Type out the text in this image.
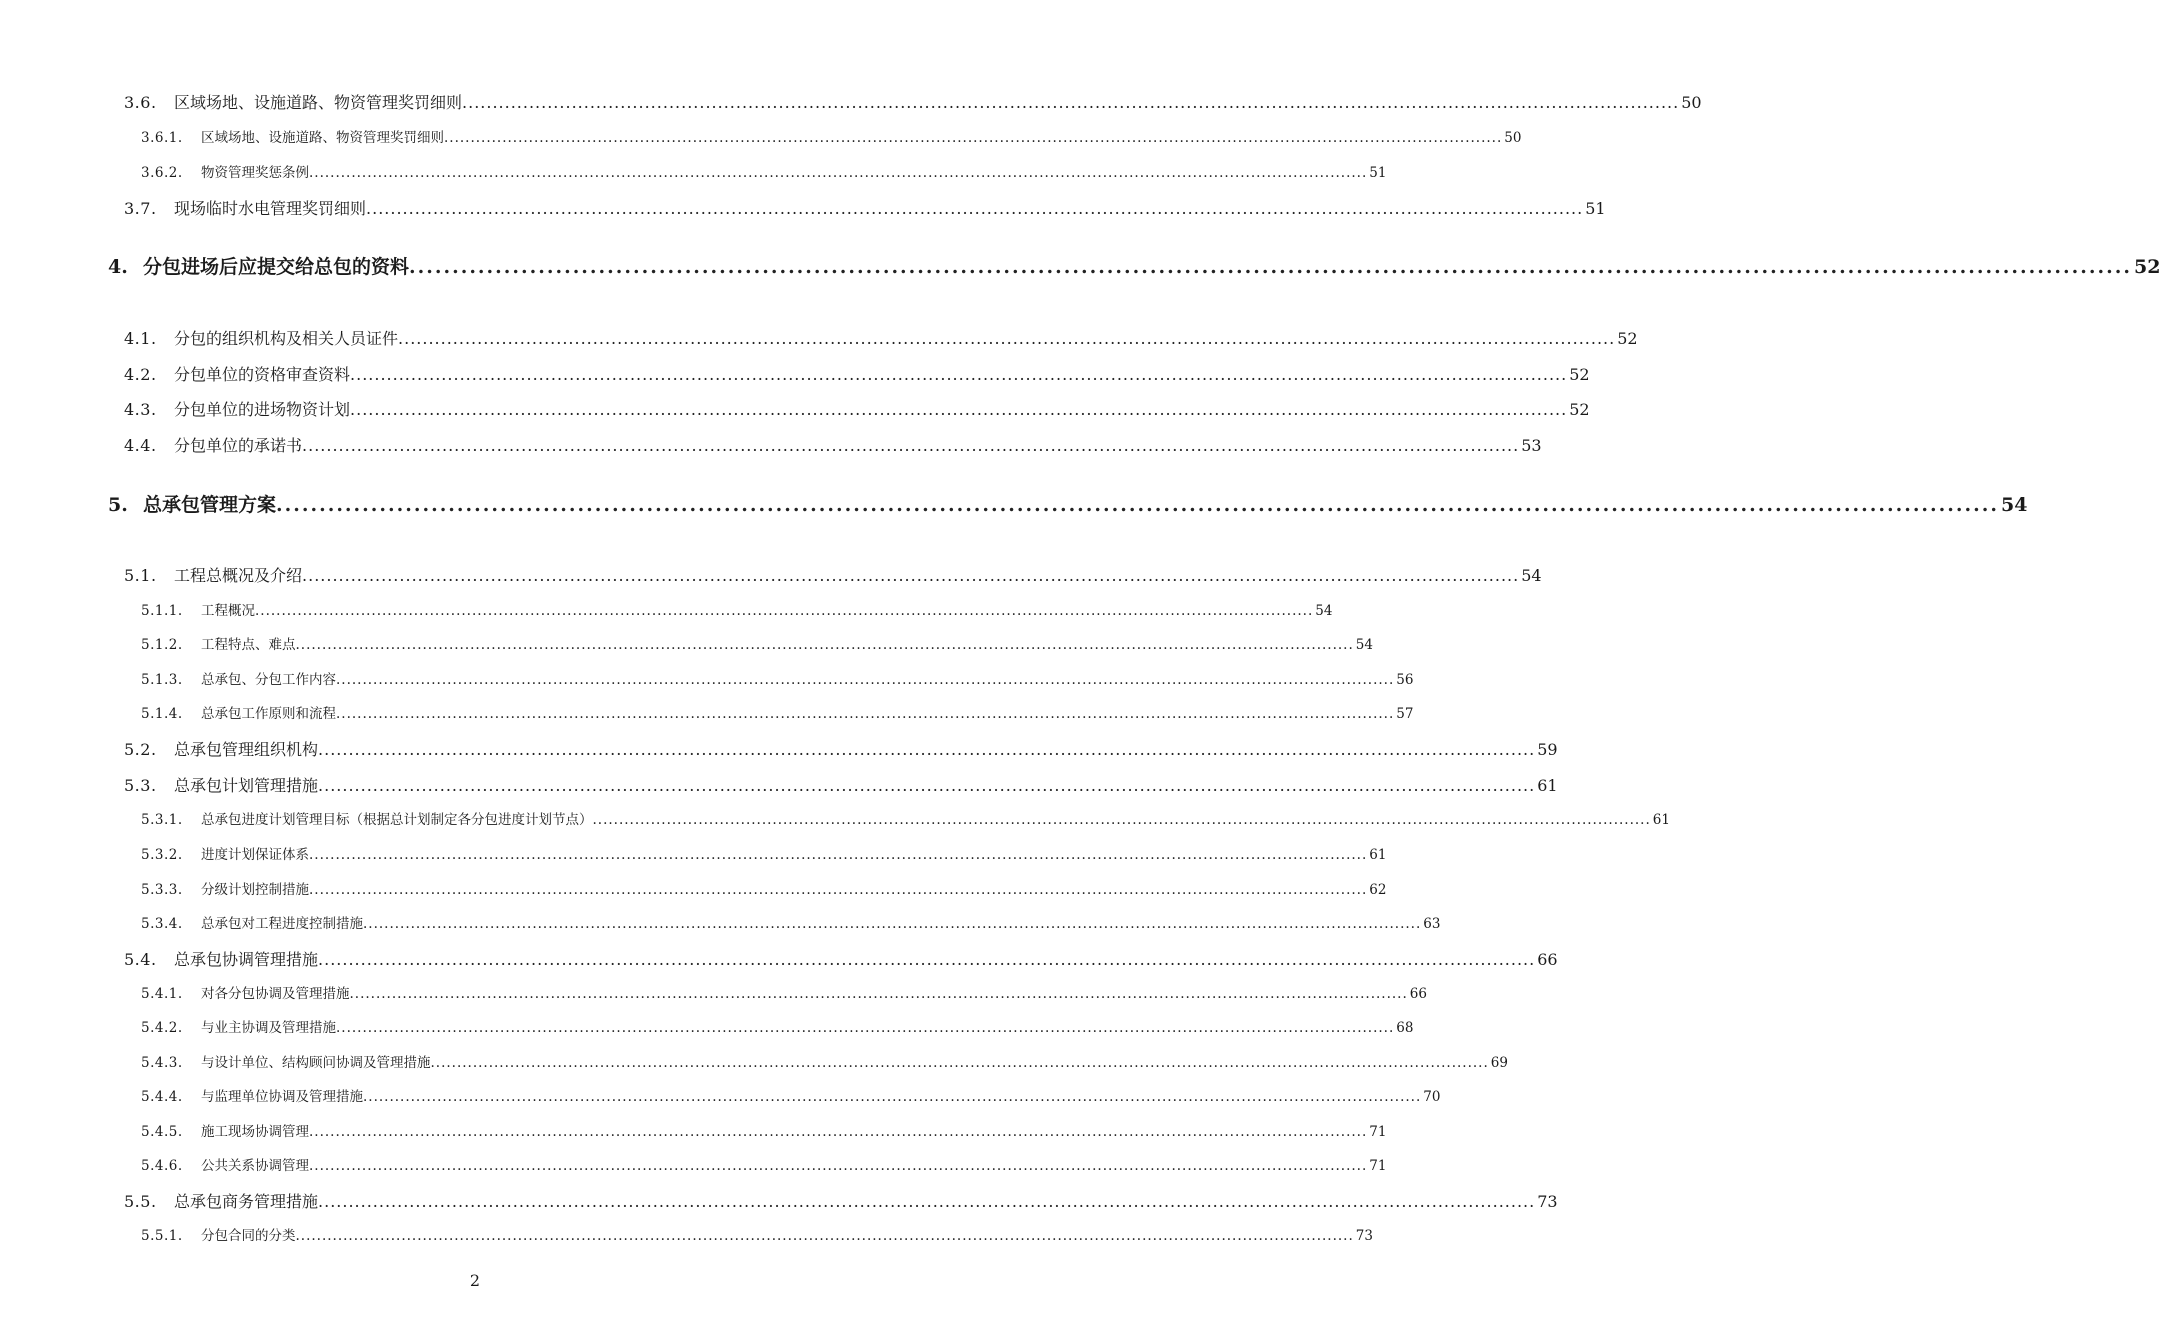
3.6.	区域场地、设施道路、物资管理奖罚细则 ........................................................................................................................................................................................................ 50
3.6.1.	区域场地、设施道路、物资管理奖罚细则 ........................................................................................................................................................................................................ 50
3.6.2.	物资管理奖惩条例 ........................................................................................................................................................................................................ 51
3.7.	现场临时水电管理奖罚细则 ........................................................................................................................................................................................................ 51
4. 分包进场后应提交给总包的资料 ........................................................................................................................................................................................................ 52
4.1.	分包的组织机构及相关人员证件 ........................................................................................................................................................................................................ 52
4.2.	分包单位的资格审查资料 ........................................................................................................................................................................................................ 52
4.3.	分包单位的进场物资计划 ........................................................................................................................................................................................................ 52
4.4.	分包单位的承诺书 ........................................................................................................................................................................................................ 53
5. 总承包管理方案 ........................................................................................................................................................................................................ 54
5.1.	工程总概况及介绍 ........................................................................................................................................................................................................ 54
5.1.1.	工程概况 ........................................................................................................................................................................................................ 54
5.1.2.	工程特点、难点 ........................................................................................................................................................................................................ 54
5.1.3.	总承包、分包工作内容 ........................................................................................................................................................................................................ 56
5.1.4.	总承包工作原则和流程 ........................................................................................................................................................................................................ 57
5.2.	总承包管理组织机构 ........................................................................................................................................................................................................ 59
5.3.	总承包计划管理措施 ........................................................................................................................................................................................................ 61
5.3.1.	总承包进度计划管理目标（根据总计划制定各分包进度计划节点） ........................................................................................................................................................................................................ 61
5.3.2.	进度计划保证体系 ........................................................................................................................................................................................................ 61
5.3.3.	分级计划控制措施 ........................................................................................................................................................................................................ 62
5.3.4.	总承包对工程进度控制措施 ........................................................................................................................................................................................................ 63
5.4.	总承包协调管理措施 ........................................................................................................................................................................................................ 66
5.4.1.	对各分包协调及管理措施 ........................................................................................................................................................................................................ 66
5.4.2.	与业主协调及管理措施 ........................................................................................................................................................................................................ 68
5.4.3.	与设计单位、结构顾问协调及管理措施 ........................................................................................................................................................................................................ 69
5.4.4.	与监理单位协调及管理措施 ........................................................................................................................................................................................................ 70
5.4.5.	施工现场协调管理 ........................................................................................................................................................................................................ 71
5.4.6.	公共关系协调管理 ........................................................................................................................................................................................................ 71
5.5.	总承包商务管理措施 ........................................................................................................................................................................................................ 73
5.5.1.	分包合同的分类 ........................................................................................................................................................................................................ 73
2
